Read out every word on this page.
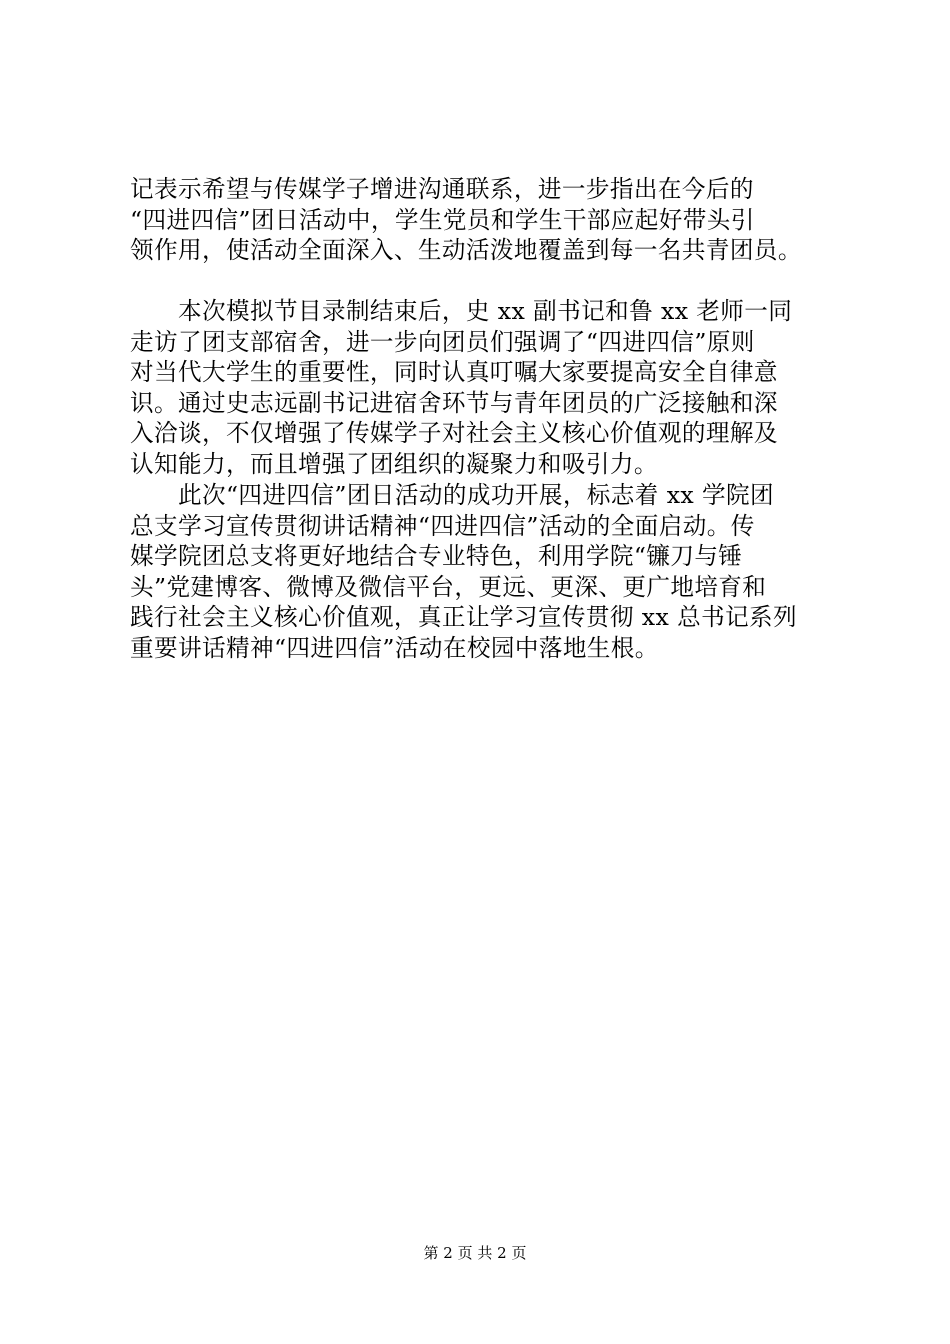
记表示希望与传媒学子增进沟通联系，进一步指出在今后的
“四进四信”团日活动中，学生党员和学生干部应起好带头引
领作用，使活动全面深入、生动活泼地覆盖到每一名共青团员。
　　本次模拟节目录制结束后，史 xx 副书记和鲁 xx 老师一同
走访了团支部宿舍，进一步向团员们强调了“四进四信”原则
对当代大学生的重要性，同时认真叮嘱大家要提高安全自律意
识。通过史志远副书记进宿舍环节与青年团员的广泛接触和深
入洽谈，不仅增强了传媒学子对社会主义核心价值观的理解及
认知能力，而且增强了团组织的凝聚力和吸引力。
　　此次“四进四信”团日活动的成功开展，标志着 xx 学院团
总支学习宣传贯彻讲话精神“四进四信”活动的全面启动。传
媒学院团总支将更好地结合专业特色，利用学院“镰刀与锤
头”党建博客、微博及微信平台，更远、更深、更广地培育和
践行社会主义核心价值观，真正让学习宣传贯彻 xx 总书记系列
重要讲话精神“四进四信”活动在校园中落地生根。
第 2 页 共 2 页
